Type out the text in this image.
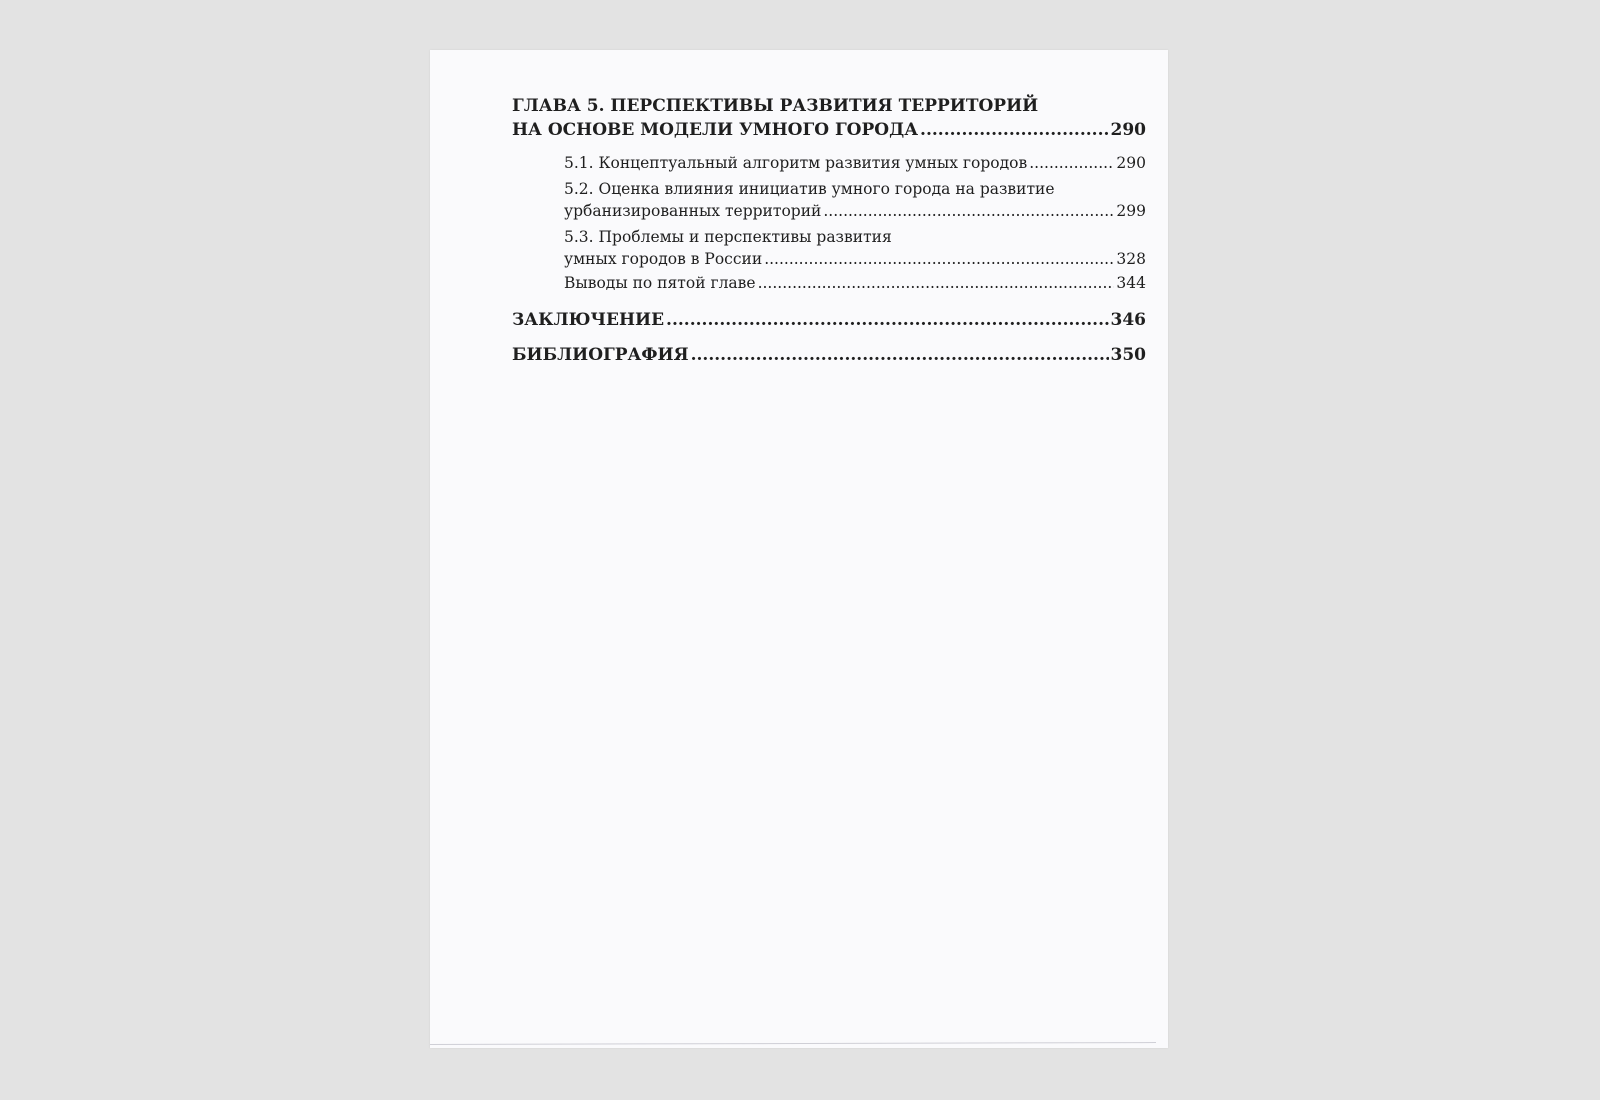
ГЛАВА 5. ПЕРСПЕКТИВЫ РАЗВИТИЯ ТЕРРИТОРИЙ
НА ОСНОВЕ МОДЕЛИ УМНОГО ГОРОДА .....	290
5.1. Концептуальный алгоритм развития умных городов .....	290
5.2. Оценка влияния инициатив умного города на развитие
урбанизированных территорий .....	299
5.3. Проблемы и перспективы развития
умных городов в России .....	328
Выводы по пятой главе .....	344
ЗАКЛЮЧЕНИЕ .....	346
БИБЛИОГРАФИЯ .....	350
